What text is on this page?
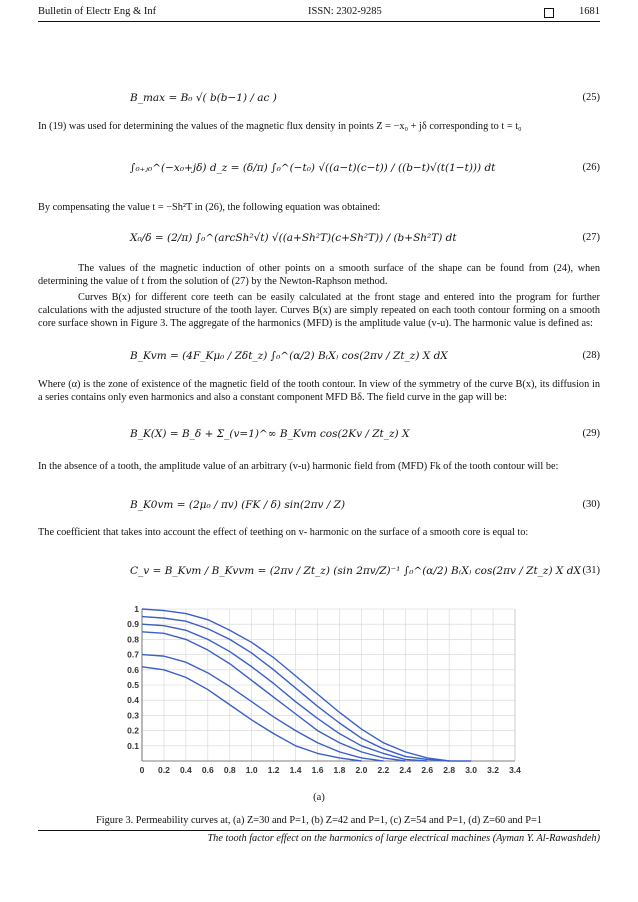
Bulletin of Electr Eng & Inf	ISSN: 2302-9285	1681
B_max = B₀ √( b(b−1) / ac )	(25)

In (19) was used for determining the values of the magnetic flux density in points Z = −x₀ + jδ corresponding to t = t₀

∫₀₊ⱼ₀^(−x₀+jδ) d_z = (δ/π) ∫₀^(−t₀) √((a−t)(c−t)) / ((b−t)√(t(1−t))) dt	(26)

By compensating the value t = −Sh²T in (26), the following equation was obtained:

X₀/δ = (2/π) ∫₀^(arcSh²√t) √((a+Sh²T)(c+Sh²T)) / (b+Sh²T) dt	(27)

The values of the magnetic induction of other points on a smooth surface of the shape can be found from (24), when determining the value of t from the solution of (27) by the Newton-Raphson method.

Curves B(x) for different core teeth can be easily calculated at the front stage and entered into the program for further calculations with the adjusted structure of the tooth layer. Curves B(x) are simply repeated on each tooth contour forming on a smooth core surface shown in Figure 3. The aggregate of the harmonics (MFD) is the amplitude value (v-u). The harmonic value is defined as:

B_Kvm = (4F_Kμ₀ / Zδt_z) ∫₀^(α/2) B₍X₎ cos(2πv / Zt_z) X dX	(28)

Where (α) is the zone of existence of the magnetic field of the tooth contour. In view of the symmetry of the curve B(x), its diffusion in a series contains only even harmonics and also a constant component MFD Bδ. The field curve in the gap will be:

B_K(X) = B_δ + Σ_(v=1)^∞ B_Kvm cos(2Kv / Zt_z) X	(29)

In the absence of a tooth, the amplitude value of an arbitrary (v-u) harmonic field from (MFD) Fk of the tooth contour will be:

B_K0vm = (2μ₀ / πv) (FK / δ) sin(2πv / Z)	(30)

The coefficient that takes into account the effect of teething on v- harmonic on the surface of a smooth core is equal to:

C_v = B_Kvm / B_Kvvm = (2πv / Zt_z) (sin 2πv/Z)⁻¹ ∫₀^(α/2) B₍X₎ cos(2πv / Zt_z) X dX (31)
0 0.2 0.4 0.6 0.8 1.0 1.2 1.4 1.6 1.8 2.0 2.2 2.4 2.6 2.8 3.0 3.2 3.4
0.1
0.2
0.3
0.4
0.5
0.6
0.7
0.8
0.9
1
(a)
Figure 3. Permeability curves at, (a) Z=30 and P=1, (b) Z=42 and P=1, (c) Z=54 and P=1, (d) Z=60 and P=1
The tooth factor effect on the harmonics of large electrical machines (Ayman Y. Al-Rawashdeh)
